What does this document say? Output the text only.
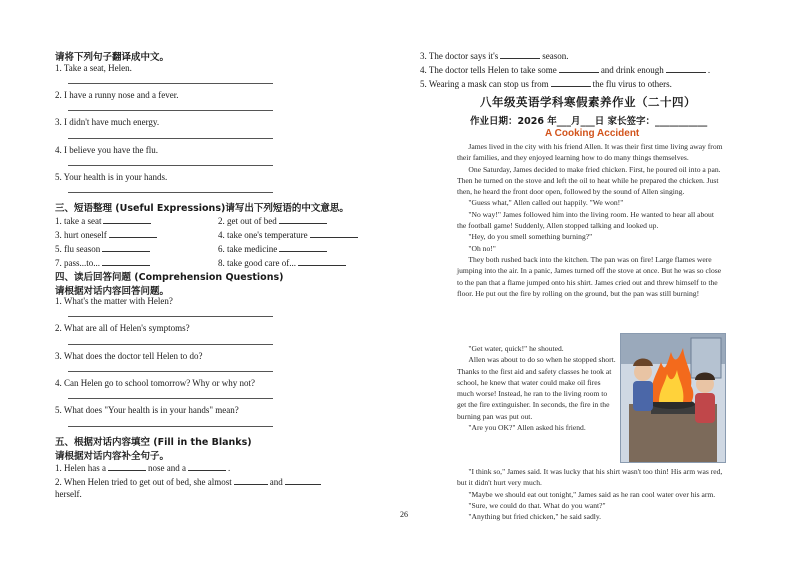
请将下列句子翻译成中文。
1. Take a seat, Helen.
2. I have a runny nose and a fever.
3. I didn't have much energy.
4. I believe you have the flu.
5. Your health is in your hands.
三、短语整理 (Useful Expressions)请写出下列短语的中文意思。
1. take a seat	2. get out of bed
3. hurt oneself	4. take one's temperature
5. flu season	6. take medicine
7. pass...to...	8. take good care of...
四、读后回答问题 (Comprehension Questions)
请根据对话内容回答问题。
1. What's the matter with Helen?
2. What are all of Helen's symptoms?
3. What does the doctor tell Helen to do?
4. Can Helen go to school tomorrow? Why or why not?
5. What does "Your health is in your hands" mean?
五、根据对话内容填空 (Fill in the Blanks)
请根据对话内容补全句子。
1. Helen has a	nose and a	.
2. When Helen tried to get out of bed, she almost	and
herself.
26
3. The doctor says it's	season.
4. The doctor tells Helen to take some	and drink enough	.
5. Wearing a mask can stop us from	the flu virus to others.
八年级英语学科寒假素养作业（二十四）
作业日期：2026 年___月___日 家长签字：___________
A Cooking Accident

James lived in the city with his friend Allen. It was their first time living away from their families, and they enjoyed learning how to do many things themselves.

One Saturday, James decided to make fried chicken. First, he poured oil into a pan. Then he turned on the stove and left the oil to heat while he prepared the chicken. Just then, he heard the front door open, followed by the sound of Allen singing.

"Guess what," Allen called out happily. "We won!"

"No way!" James followed him into the living room. He wanted to hear all about the football game! Suddenly, Allen stopped talking and looked up.

"Hey, do you smell something burning?"

"Oh no!"

They both rushed back into the kitchen. The pan was on fire! Large flames were jumping into the air. In a panic, James turned off the stove at once. But he was so close to the pan that a flame jumped onto his shirt. James cried out and threw himself to the floor. He put out the fire by rolling on the ground, but the pan was still burning!

"Get water, quick!" he shouted.

Allen was about to do so when he stopped short. Thanks to the first aid and safety classes he took at school, he knew that water could make oil fires much worse! Instead, he ran to the living room to get the fire extinguisher. In seconds, the fire in the burning pan was put out.

"Are you OK?" Allen asked his friend.

"I think so," James said. It was lucky that his shirt wasn't too thin! His arm was red, but it didn't hurt very much.

"Maybe we should eat out tonight," James said as he ran cool water over his arm.

"Sure, we could do that. What do you want?"

"Anything but fried chicken," he said sadly.
